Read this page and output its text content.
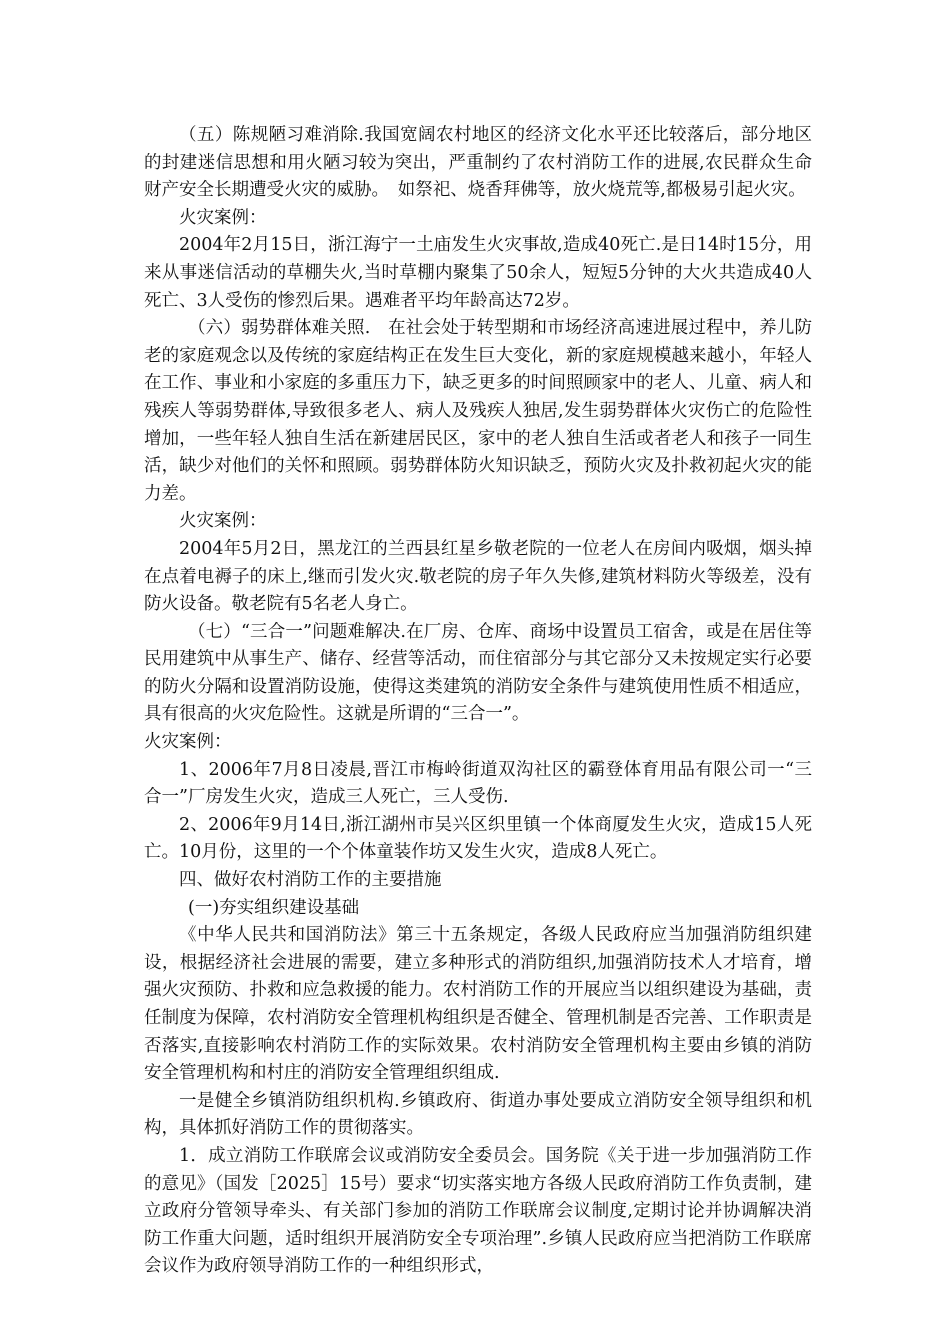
（五）陈规陋习难消除.我国宽阔农村地区的经济文化水平还比较落后，部分地区的封建迷信思想和用火陋习较为突出，严重制约了农村消防工作的进展,农民群众生命财产安全长期遭受火灾的威胁。　如祭祀、烧香拜佛等，放火烧荒等,都极易引起火灾。

火灾案例：

2004年2月15日，浙江海宁一土庙发生火灾事故,造成40死亡.是日14时15分，用来从事迷信活动的草棚失火,当时草棚内聚集了50余人，短短5分钟的大火共造成40人死亡、3人受伤的惨烈后果。遇难者平均年龄高达72岁。

（六）弱势群体难关照.　在社会处于转型期和市场经济高速进展过程中，养儿防老的家庭观念以及传统的家庭结构正在发生巨大变化，新的家庭规模越来越小，年轻人在工作、事业和小家庭的多重压力下，缺乏更多的时间照顾家中的老人、儿童、病人和残疾人等弱势群体,导致很多老人、病人及残疾人独居,发生弱势群体火灾伤亡的危险性增加，一些年轻人独自生活在新建居民区，家中的老人独自生活或者老人和孩子一同生活，缺少对他们的关怀和照顾。弱势群体防火知识缺乏，预防火灾及扑救初起火灾的能力差。

火灾案例：

2004年5月2日，黑龙江的兰西县红星乡敬老院的一位老人在房间内吸烟，烟头掉在点着电褥子的床上,继而引发火灾.敬老院的房子年久失修,建筑材料防火等级差，没有防火设备。敬老院有5名老人身亡。

（七）“三合一”问题难解决.在厂房、仓库、商场中设置员工宿舍，或是在居住等民用建筑中从事生产、储存、经营等活动，而住宿部分与其它部分又未按规定实行必要的防火分隔和设置消防设施，使得这类建筑的消防安全条件与建筑使用性质不相适应，具有很高的火灾危险性。这就是所谓的“三合一”。

火灾案例：

1、2006年7月8日凌晨,晋江市梅岭街道双沟社区的霸登体育用品有限公司一“三合一”厂房发生火灾，造成三人死亡，三人受伤.

2、2006年9月14日,浙江湖州市吴兴区织里镇一个体商厦发生火灾，造成15人死亡。10月份，这里的一个个体童装作坊又发生火灾，造成8人死亡。

四、做好农村消防工作的主要措施

(一)夯实组织建设基础

《中华人民共和国消防法》第三十五条规定，各级人民政府应当加强消防组织建设，根据经济社会进展的需要，建立多种形式的消防组织,加强消防技术人才培育，增强火灾预防、扑救和应急救援的能力。农村消防工作的开展应当以组织建设为基础，责任制度为保障，农村消防安全管理机构组织是否健全、管理机制是否完善、工作职责是否落实,直接影响农村消防工作的实际效果。农村消防安全管理机构主要由乡镇的消防安全管理机构和村庄的消防安全管理组织组成.

一是健全乡镇消防组织机构.乡镇政府、街道办事处要成立消防安全领导组织和机构，具体抓好消防工作的贯彻落实。

1．成立消防工作联席会议或消防安全委员会。国务院《关于进一步加强消防工作的意见》（国发［2025］15号）要求“切实落实地方各级人民政府消防工作负责制，建立政府分管领导牵头、有关部门参加的消防工作联席会议制度,定期讨论并协调解决消防工作重大问题，适时组织开展消防安全专项治理”.乡镇人民政府应当把消防工作联席会议作为政府领导消防工作的一种组织形式，
